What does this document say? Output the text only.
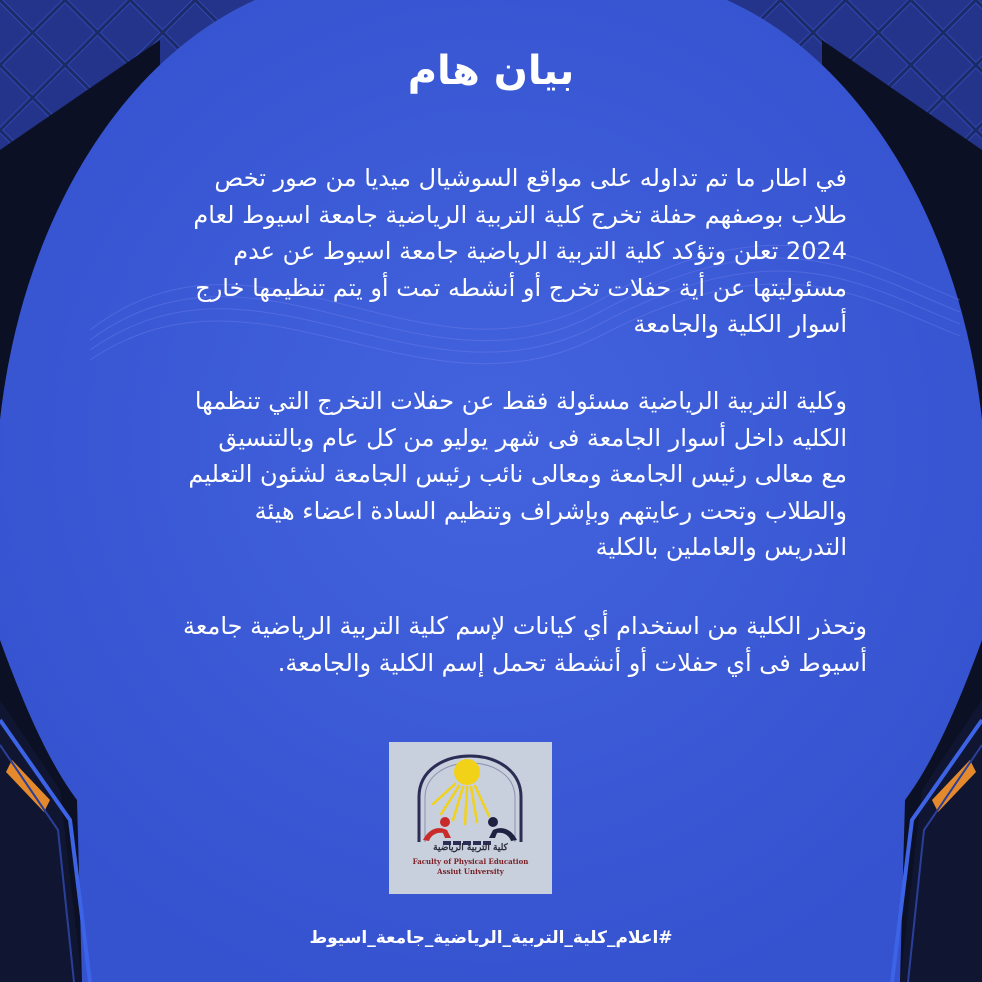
بيان هام

في اطار ما تم تداوله على مواقع السوشيال ميديا من صور تخص
طلاب بوصفهم حفلة تخرج كلية التربية الرياضية جامعة اسيوط لعام
2024 تعلن وتؤكد كلية التربية الرياضية جامعة اسيوط عن عدم
مسئوليتها عن أية حفلات تخرج أو أنشطه تمت أو يتم تنظيمها خارج
أسوار الكلية والجامعة

وكلية التربية الرياضية مسئولة فقط عن حفلات التخرج التي تنظمها
الكليه داخل أسوار الجامعة فى شهر يوليو من كل عام وبالتنسيق
مع معالى رئيس الجامعة ومعالى نائب رئيس الجامعة لشئون التعليم
والطلاب وتحت رعايتهم وبإشراف وتنظيم السادة اعضاء هيئة
التدريس والعاملين بالكلية

وتحذر الكلية من استخدام أي كيانات لإسم كلية التربية الرياضية جامعة
أسيوط فى أي حفلات أو أنشطة تحمل إسم الكلية والجامعة.

كلية التربية الرياضية

Faculty of Physical Education

Assiut University

#اعلام_كلية_التربية_الرياضية_جامعة_اسيوط
